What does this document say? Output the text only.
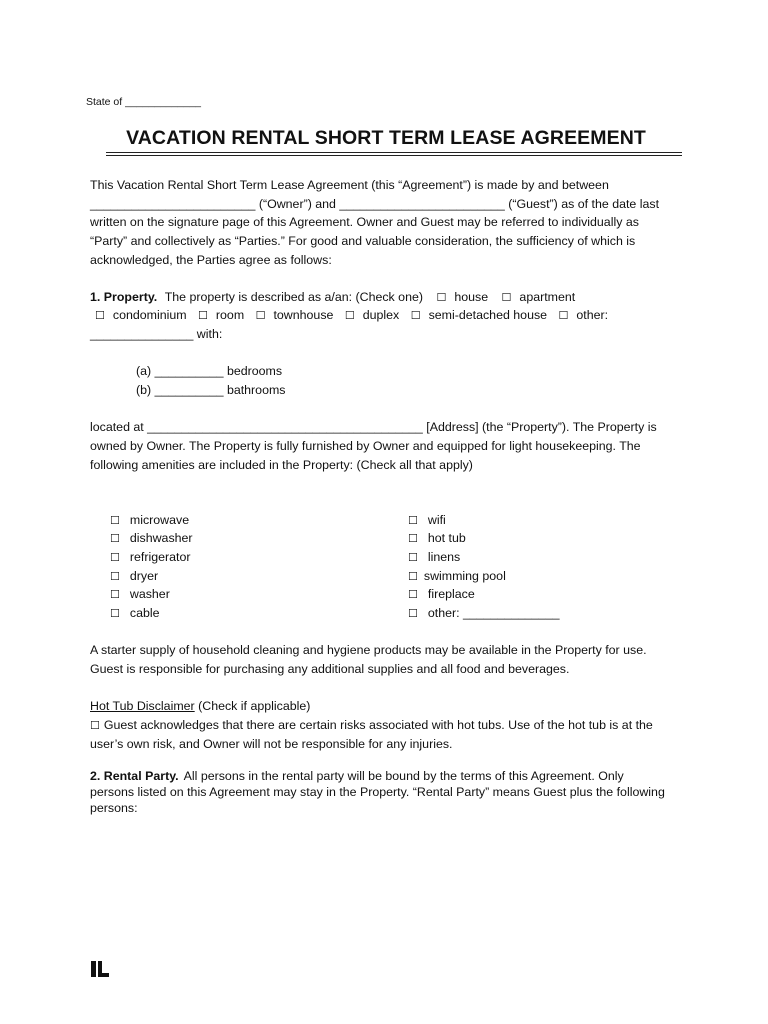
State of _____________
VACATION RENTAL SHORT TERM LEASE AGREEMENT
This Vacation Rental Short Term Lease Agreement (this “Agreement”) is made by and between
________________________ (“Owner”) and ________________________ (“Guest”) as of the date last
written on the signature page of this Agreement. Owner and Guest may be referred to individually as
“Party” and collectively as “Parties.” For good and valuable consideration, the sufficiency of which is
acknowledged, the Parties agree as follows:
1. Property. The property is described as a/an: (Check one) ☐ house ☐ apartment
☐ condominium ☐ room ☐ townhouse ☐ duplex ☐ semi-detached house ☐ other:
_______________ with:
(a) __________ bedrooms
(b) __________ bathrooms
located at ________________________________________ [Address] (the “Property”). The Property is
owned by Owner. The Property is fully furnished by Owner and equipped for light housekeeping. The
following amenities are included in the Property: (Check all that apply)
☐ microwave
☐ dishwasher
☐ refrigerator
☐ dryer
☐ washer
☐ cable
☐ wifi
☐ hot tub
☐ linens
☐ swimming pool
☐ fireplace
☐ other: ______________
A starter supply of household cleaning and hygiene products may be available in the Property for use.
Guest is responsible for purchasing any additional supplies and all food and beverages.
Hot Tub Disclaimer (Check if applicable)
☐ Guest acknowledges that there are certain risks associated with hot tubs. Use of the hot tub is at the
user’s own risk, and Owner will not be responsible for any injuries.
2. Rental Party. All persons in the rental party will be bound by the terms of this Agreement. Only
persons listed on this Agreement may stay in the Property. “Rental Party” means Guest plus the following
persons:
